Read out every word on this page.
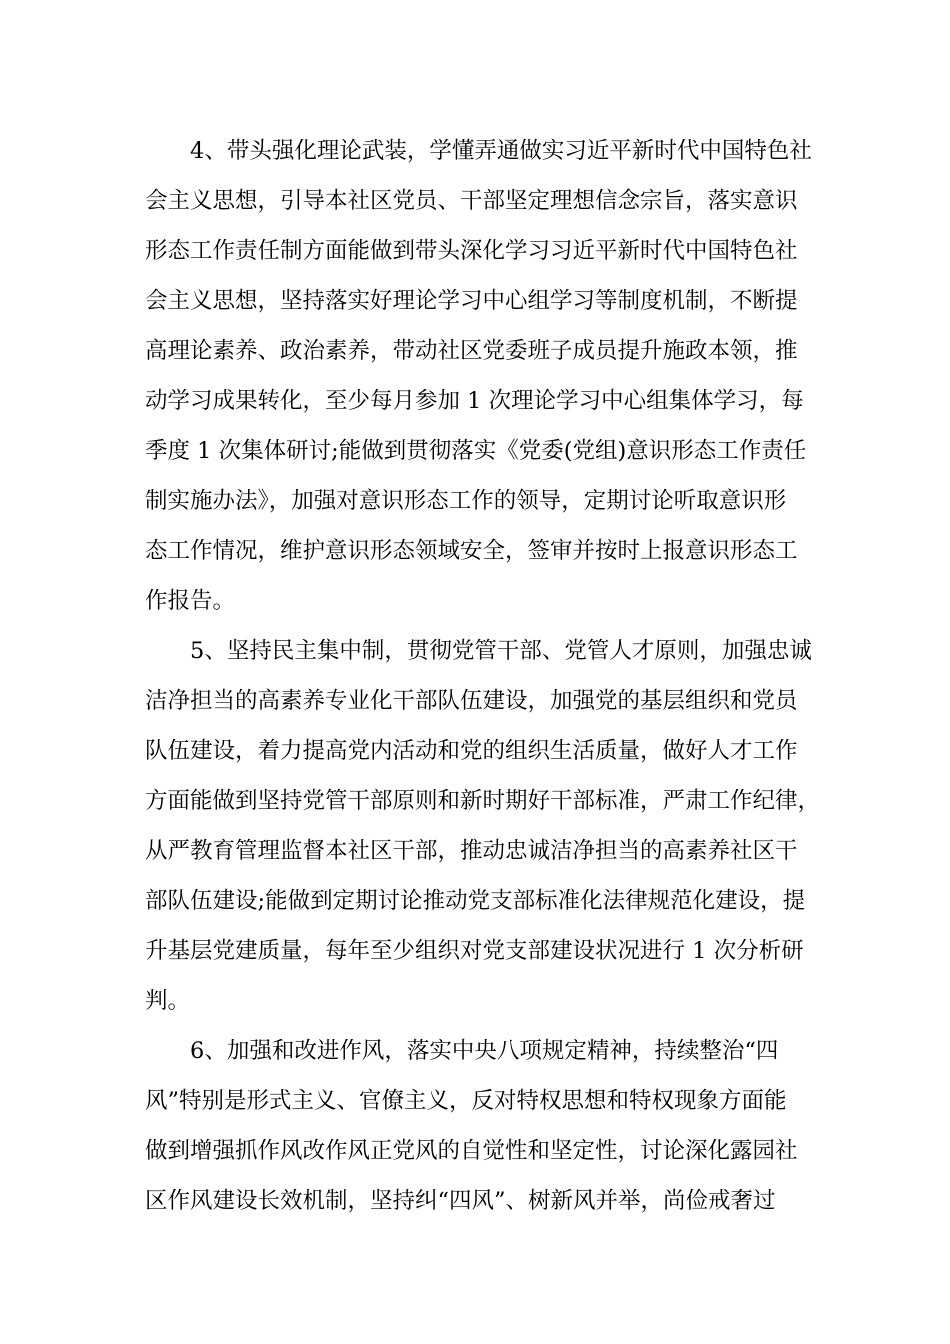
4、带头强化理论武装，学懂弄通做实习近平新时代中国特色社
会主义思想，引导本社区党员、干部坚定理想信念宗旨，落实意识
形态工作责任制方面能做到带头深化学习习近平新时代中国特色社
会主义思想，坚持落实好理论学习中心组学习等制度机制，不断提
高理论素养、政治素养，带动社区党委班子成员提升施政本领，推
动学习成果转化，至少每月参加 1 次理论学习中心组集体学习，每
季度 1 次集体研讨;能做到贯彻落实《党委(党组)意识形态工作责任
制实施办法》，加强对意识形态工作的领导，定期讨论听取意识形
态工作情况，维护意识形态领域安全，签审并按时上报意识形态工
作报告。
5、坚持民主集中制，贯彻党管干部、党管人才原则，加强忠诚
洁净担当的高素养专业化干部队伍建设，加强党的基层组织和党员
队伍建设，着力提高党内活动和党的组织生活质量，做好人才工作
方面能做到坚持党管干部原则和新时期好干部标准，严肃工作纪律，
从严教育管理监督本社区干部，推动忠诚洁净担当的高素养社区干
部队伍建设;能做到定期讨论推动党支部标准化法律规范化建设，提
升基层党建质量，每年至少组织对党支部建设状况进行 1 次分析研
判。
6、加强和改进作风，落实中央八项规定精神，持续整治“四
风”特别是形式主义、官僚主义，反对特权思想和特权现象方面能
做到增强抓作风改作风正党风的自觉性和坚定性，讨论深化露园社
区作风建设长效机制，坚持纠“四风”、树新风并举，尚俭戒奢过
